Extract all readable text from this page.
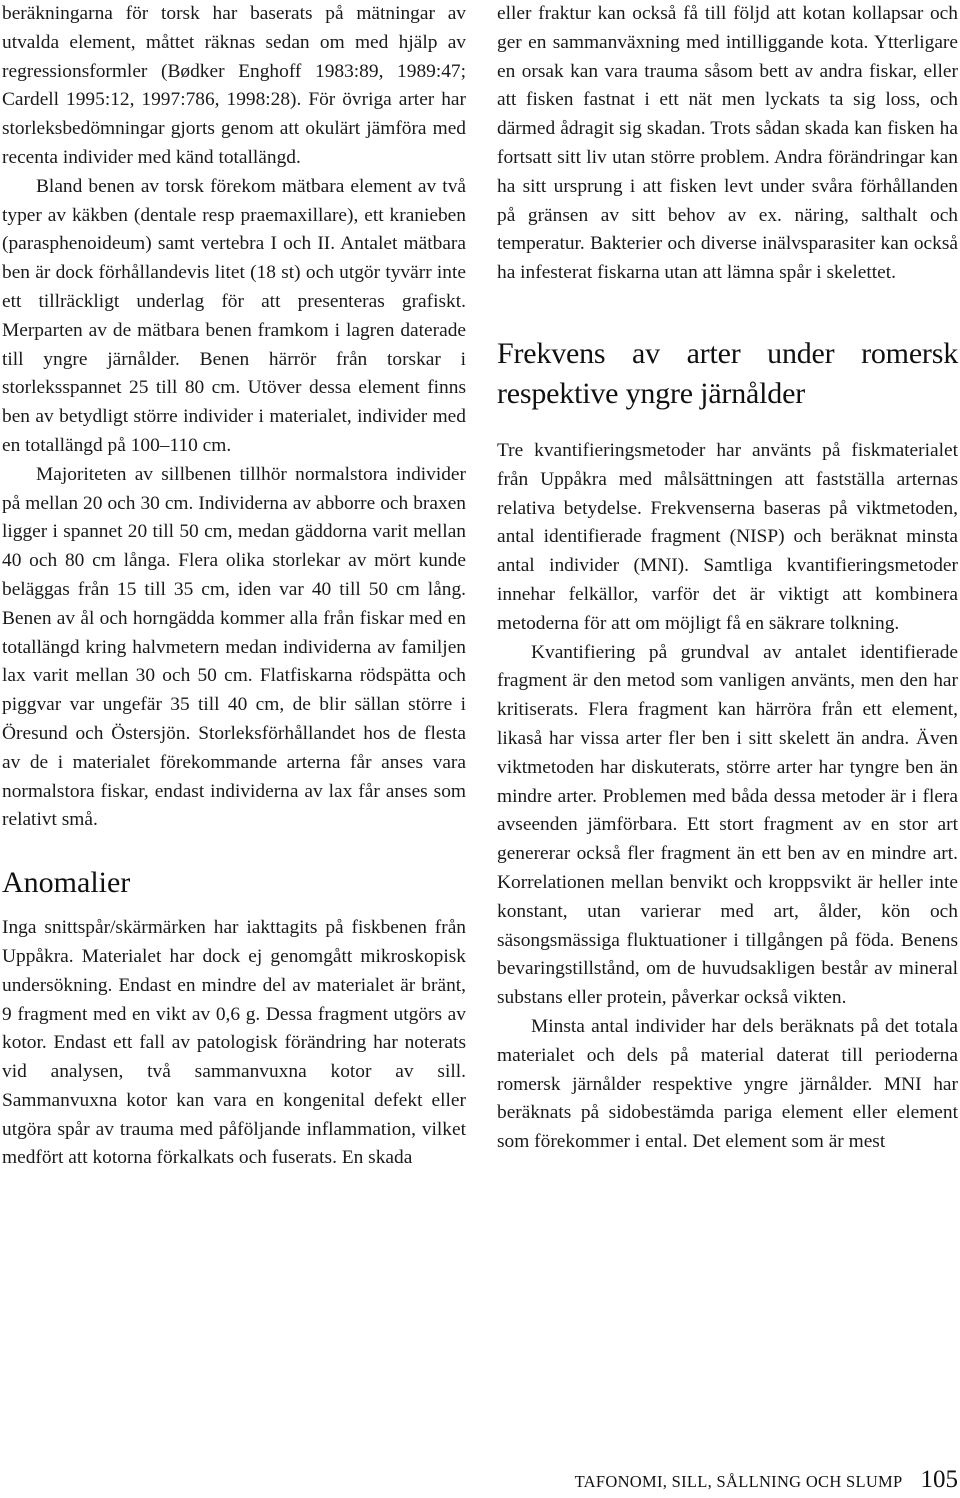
beräkningarna för torsk har baserats på mätningar av utvalda element, måttet räknas sedan om med hjälp av regressionsformler (Bødker Enghoff 1983:89, 1989:47; Cardell 1995:12, 1997:786, 1998:28). För övriga arter har storleksbedömningar gjorts genom att okulärt jämföra med recenta individer med känd totallängd.

Bland benen av torsk förekom mätbara element av två typer av käkben (dentale resp praemaxillare), ett kranieben (parasphenoideum) samt vertebra I och II. Antalet mätbara ben är dock förhållandevis litet (18 st) och utgör tyvärr inte ett tillräckligt underlag för att presenteras grafiskt. Merparten av de mätbara benen framkom i lagren daterade till yngre järnålder. Benen härrör från torskar i storleksspannet 25 till 80 cm. Utöver dessa element finns ben av betydligt större individer i materialet, individer med en totallängd på 100–110 cm.

Majoriteten av sillbenen tillhör normalstora individer på mellan 20 och 30 cm. Individerna av abborre och braxen ligger i spannet 20 till 50 cm, medan gäddorna varit mellan 40 och 80 cm långa. Flera olika storlekar av mört kunde beläggas från 15 till 35 cm, iden var 40 till 50 cm lång. Benen av ål och horngädda kommer alla från fiskar med en totallängd kring halvmetern medan individerna av familjen lax varit mellan 30 och 50 cm. Flatfiskarna rödspätta och piggvar var ungefär 35 till 40 cm, de blir sällan större i Öresund och Östersjön. Storleksförhållandet hos de flesta av de i materialet förekommande arterna får anses vara normalstora fiskar, endast individerna av lax får anses som relativt små.

Anomalier

Inga snittspår/skärmärken har iakttagits på fiskbenen från Uppåkra. Materialet har dock ej genomgått mikroskopisk undersökning. Endast en mindre del av materialet är bränt, 9 fragment med en vikt av 0,6 g. Dessa fragment utgörs av kotor. Endast ett fall av patologisk förändring har noterats vid analysen, två sammanvuxna kotor av sill. Sammanvuxna kotor kan vara en kongenital defekt eller utgöra spår av trauma med påföljande inflammation, vilket medfört att kotorna förkalkats och fuserats. En skada

eller fraktur kan också få till följd att kotan kollapsar och ger en sammanväxning med intilliggande kota. Ytterligare en orsak kan vara trauma såsom bett av andra fiskar, eller att fisken fastnat i ett nät men lyckats ta sig loss, och därmed ådragit sig skadan. Trots sådan skada kan fisken ha fortsatt sitt liv utan större problem. Andra förändringar kan ha sitt ursprung i att fisken levt under svåra förhållanden på gränsen av sitt behov av ex. näring, salthalt och temperatur. Bakterier och diverse inälvsparasiter kan också ha infesterat fiskarna utan att lämna spår i skelettet.

Frekvens av arter under romersk respektive yngre järnålder

Tre kvantifieringsmetoder har använts på fiskmaterialet från Uppåkra med målsättningen att fastställa arternas relativa betydelse. Frekvenserna baseras på viktmetoden, antal identifierade fragment (NISP) och beräknat minsta antal individer (MNI). Samtliga kvantifieringsmetoder innehar felkällor, varför det är viktigt att kombinera metoderna för att om möjligt få en säkrare tolkning.

Kvantifiering på grundval av antalet identifierade fragment är den metod som vanligen använts, men den har kritiserats. Flera fragment kan härröra från ett element, likaså har vissa arter fler ben i sitt skelett än andra. Även viktmetoden har diskuterats, större arter har tyngre ben än mindre arter. Problemen med båda dessa metoder är i flera avseenden jämförbara. Ett stort fragment av en stor art genererar också fler fragment än ett ben av en mindre art. Korrelationen mellan benvikt och kroppsvikt är heller inte konstant, utan varierar med art, ålder, kön och säsongsmässiga fluktuationer i tillgången på föda. Benens bevaringstillstånd, om de huvudsakligen består av mineral substans eller protein, påverkar också vikten.

Minsta antal individer har dels beräknats på det totala materialet och dels på material daterat till perioderna romersk järnålder respektive yngre järnålder. MNI har beräknats på sidobestämda pariga element eller element som förekommer i ental. Det element som är mest

TAFONOMI, SILL, SÅLLNING OCH SLUMP 105
